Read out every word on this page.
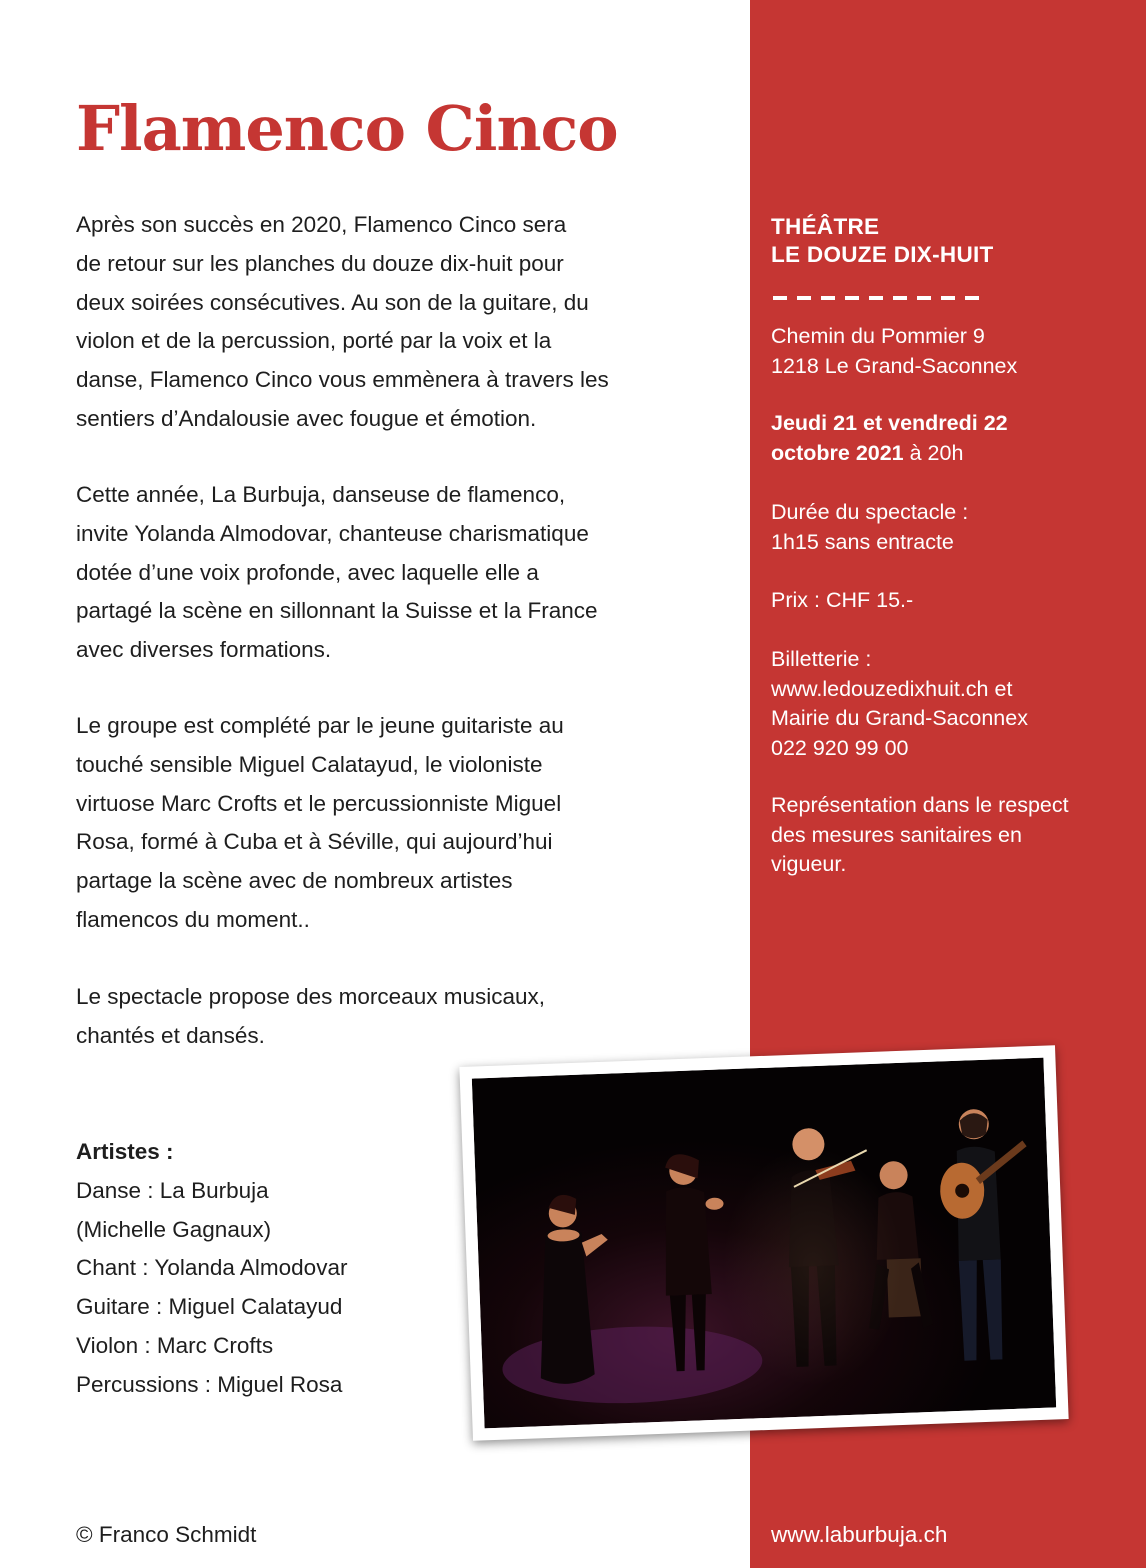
Flamenco Cinco

Après son succès en 2020, Flamenco Cinco sera
de retour sur les planches du douze dix-huit pour
deux soirées consécutives. Au son de la guitare, du
violon et de la percussion, porté par la voix et la
danse, Flamenco Cinco vous emmènera à travers les
sentiers d’Andalousie avec fougue et émotion.

Cette année, La Burbuja, danseuse de flamenco,
invite Yolanda Almodovar, chanteuse charismatique
dotée d’une voix profonde, avec laquelle elle a
partagé la scène en sillonnant la Suisse et la France
avec diverses formations.

Le groupe est complété par le jeune guitariste au
touché sensible Miguel Calatayud, le violoniste
virtuose Marc Crofts et le percussionniste Miguel
Rosa, formé à Cuba et à Séville, qui aujourd’hui
partage la scène avec de nombreux artistes
flamencos du moment..

Le spectacle propose des morceaux musicaux,
chantés et dansés.

Artistes :
Danse : La Burbuja
(Michelle Gagnaux)
Chant : Yolanda Almodovar
Guitare : Miguel Calatayud
Violon : Marc Crofts
Percussions : Miguel Rosa
© Franco Schmidt
THÉÂTRE
LE DOUZE DIX-HUIT
Chemin du Pommier 9
1218 Le Grand-Saconnex
Jeudi 21 et vendredi 22
octobre 2021 à 20h
Durée du spectacle :
1h15 sans entracte
Prix : CHF 15.-
Billetterie :
www.ledouzedixhuit.ch et
Mairie du Grand-Saconnex
022 920 99 00
Représentation dans le respect
des mesures sanitaires en
vigueur.
www.laburbuja.ch
